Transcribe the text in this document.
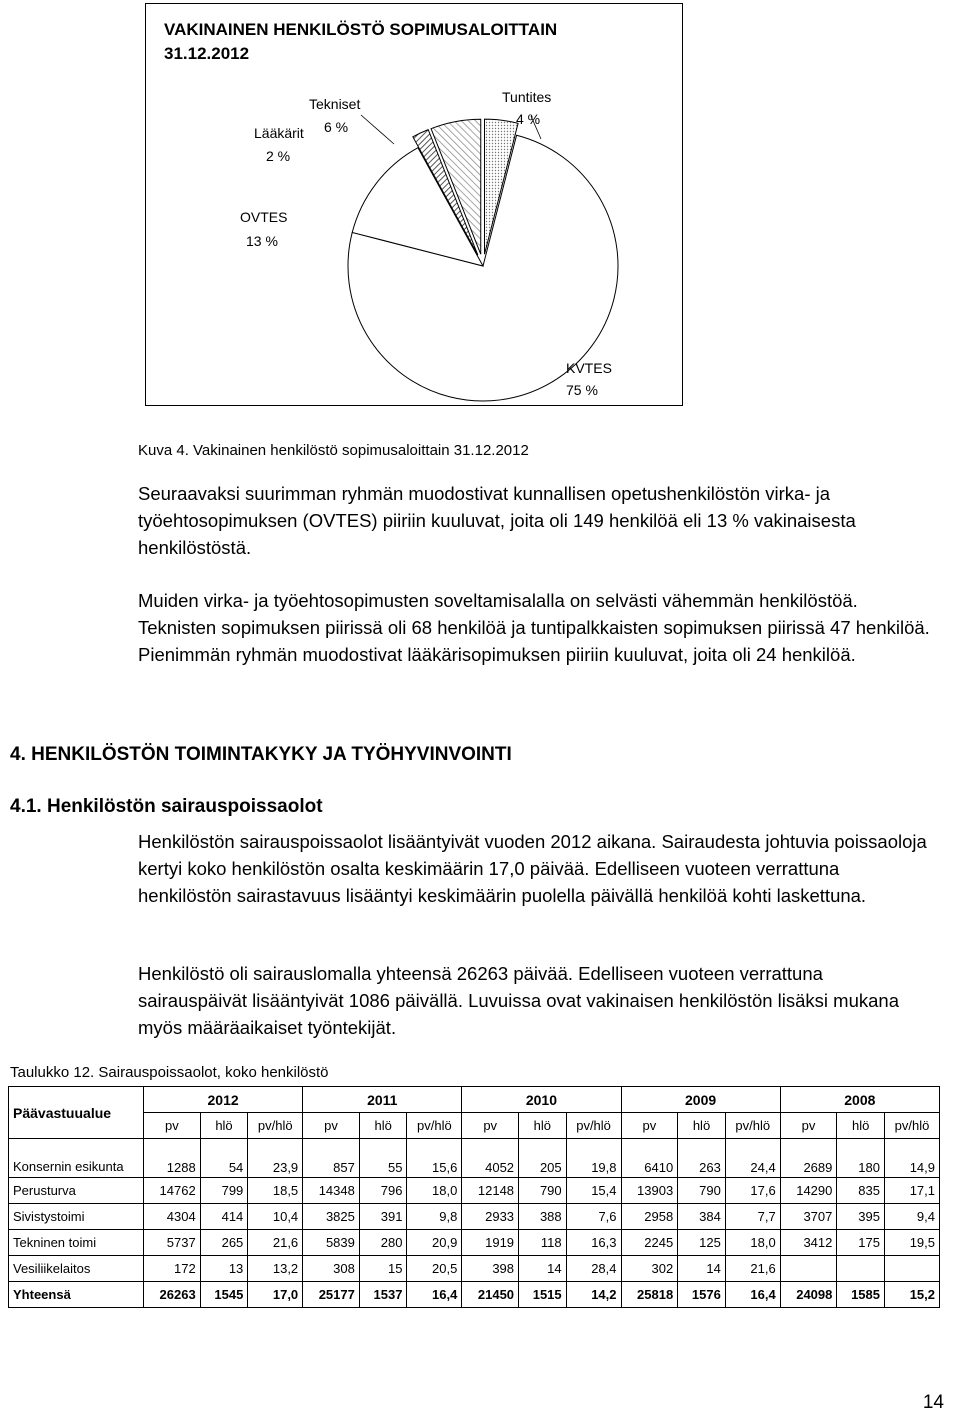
VAKINAINEN HENKILÖSTÖ SOPIMUSALOITTAIN 31.12.2012
KVTES
75 %
OVTES
13 %
Lääkärit
2 %
Tekniset
6 %
Tuntites
4 %
Kuva 4. Vakinainen henkilöstö sopimusaloittain 31.12.2012

Seuraavaksi suurimman ryhmän muodostivat kunnallisen opetushenkilöstön virka- ja työehtosopimuksen (OVTES) piiriin kuuluvat, joita oli 149 henkilöä eli 13 % vakinaisesta henkilöstöstä.

Muiden virka- ja työehtosopimusten soveltamisalalla on selvästi vähemmän henkilöstöä. Teknisten sopimuksen piirissä oli 68 henkilöä ja tuntipalkkaisten sopimuksen piirissä 47 henkilöä. Pienimmän ryhmän muodostivat lääkärisopimuksen piiriin kuuluvat, joita oli 24 henkilöä.

4. HENKILÖSTÖN TOIMINTAKYKY JA TYÖHYVINVOINTI
4.1. Henkilöstön sairauspoissaolot

Henkilöstön sairauspoissaolot lisääntyivät vuoden 2012 aikana. Sairaudesta johtuvia poissaoloja kertyi koko henkilöstön osalta keskimäärin 17,0 päivää. Edelliseen vuoteen verrattuna henkilöstön sairastavuus lisääntyi keskimäärin puolella päivällä henkilöä kohti laskettuna.

Henkilöstö oli sairauslomalla yhteensä 26263 päivää. Edelliseen vuoteen verrattuna sairauspäivät lisääntyivät 1086 päivällä. Luvuissa ovat vakinaisen henkilöstön lisäksi mukana myös määräaikaiset työntekijät.

Taulukko 12. Sairauspoissaolot, koko henkilöstö
Päävastuualue	2012			2011			2010			2009			2008		
	pv	hlö	pv/hlö	pv	hlö	pv/hlö	pv	hlö	pv/hlö	pv	hlö	pv/hlö	pv	hlö	pv/hlö
Konsernin esikunta	1288	54	23,9	857	55	15,6	4052	205	19,8	6410	263	24,4	2689	180	14,9
Perusturva	14762	799	18,5	14348	796	18,0	12148	790	15,4	13903	790	17,6	14290	835	17,1
Sivistystoimi	4304	414	10,4	3825	391	9,8	2933	388	7,6	2958	384	7,7	3707	395	9,4
Tekninen toimi	5737	265	21,6	5839	280	20,9	1919	118	16,3	2245	125	18,0	3412	175	19,5
Vesiliikelaitos	172	13	13,2	308	15	20,5	398	14	28,4	302	14	21,6			
Yhteensä	26263	1545	17,0	25177	1537	16,4	21450	1515	14,2	25818	1576	16,4	24098	1585	15,2
14
